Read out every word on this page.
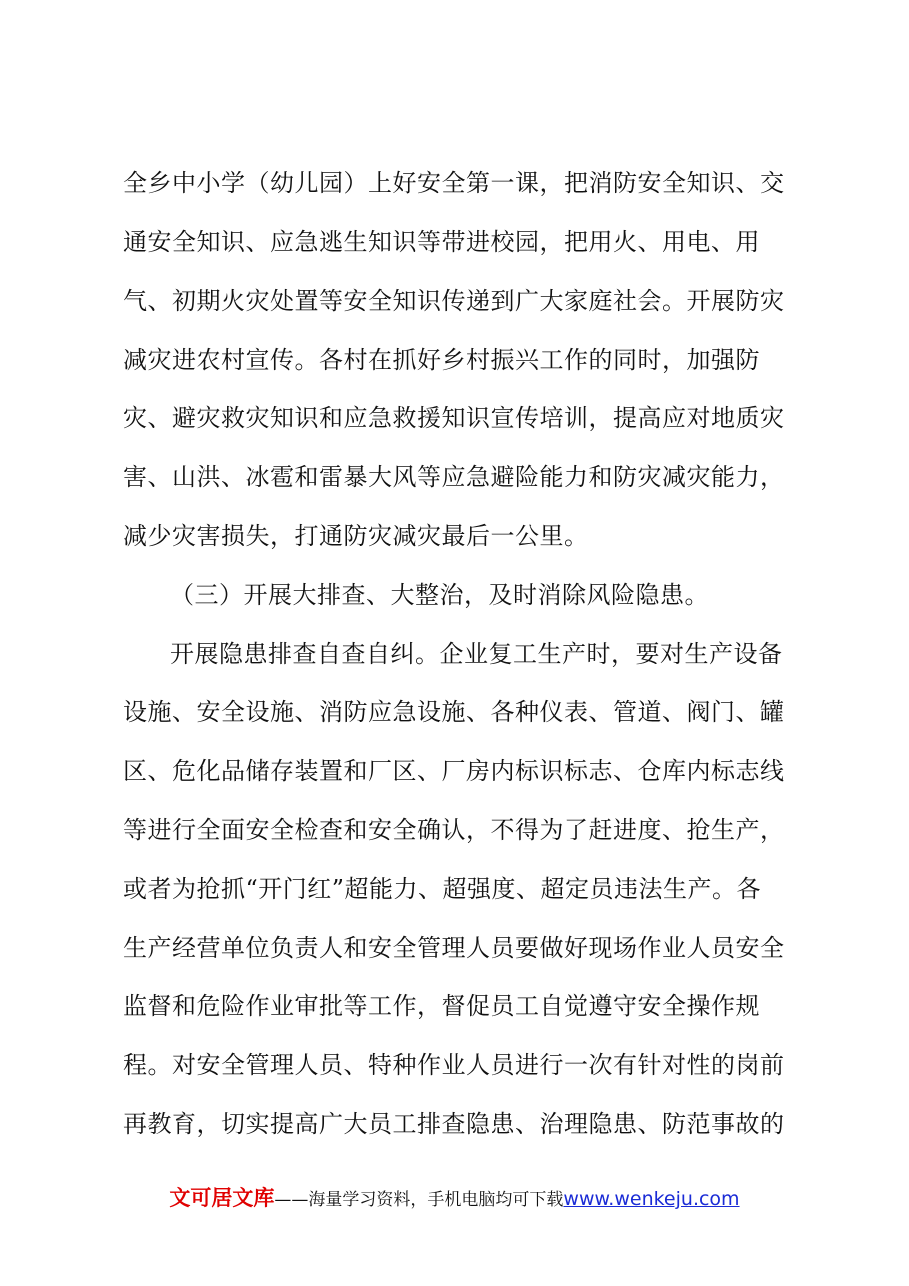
全乡中小学（幼儿园）上好安全第一课，把消防安全知识、交
通安全知识、应急逃生知识等带进校园，把用火、用电、用
气、初期火灾处置等安全知识传递到广大家庭社会。开展防灾
减灾进农村宣传。各村在抓好乡村振兴工作的同时，加强防
灾、避灾救灾知识和应急救援知识宣传培训，提高应对地质灾
害、山洪、冰雹和雷暴大风等应急避险能力和防灾减灾能力，
减少灾害损失，打通防灾减灾最后一公里。
（三）开展大排查、大整治，及时消除风险隐患。
开展隐患排查自查自纠。企业复工生产时，要对生产设备
设施、安全设施、消防应急设施、各种仪表、管道、阀门、罐
区、危化品储存装置和厂区、厂房内标识标志、仓库内标志线
等进行全面安全检查和安全确认，不得为了赶进度、抢生产，
或者为抢抓“开门红”超能力、超强度、超定员违法生产。各
生产经营单位负责人和安全管理人员要做好现场作业人员安全
监督和危险作业审批等工作，督促员工自觉遵守安全操作规
程。对安全管理人员、特种作业人员进行一次有针对性的岗前
再教育，切实提高广大员工排查隐患、治理隐患、防范事故的
文可居文库——海量学习资料，手机电脑均可下载www.wenkeju.com
